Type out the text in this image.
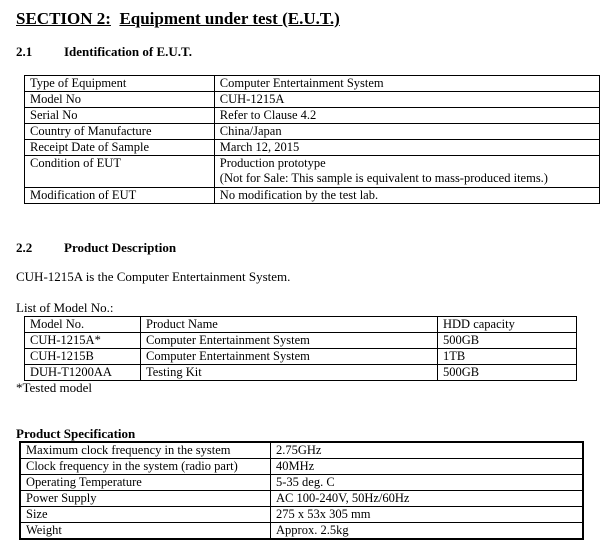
SECTION 2: Equipment under test (E.U.T.)
2.1 Identification of E.U.T.
Type of Equipment	Computer Entertainment System
Model No	CUH-1215A
Serial No	Refer to Clause 4.2
Country of Manufacture	China/Japan
Receipt Date of Sample	March 12, 2015
Condition of EUT	Production prototype
(Not for Sale: This sample is equivalent to mass-produced items.)

Modification of EUT	No modification by the test lab.
2.2 Product Description

CUH-1215A is the Computer Entertainment System.

List of Model No.:

Model No.	Product Name	HDD capacity
CUH-1215A*	Computer Entertainment System	500GB
CUH-1215B	Computer Entertainment System	1TB
DUH-T1200AA	Testing Kit	500GB

*Tested model

Product Specification
Maximum clock frequency in the system	2.75GHz
Clock frequency in the system (radio part)	40MHz
Operating Temperature	5-35 deg. C
Power Supply	AC 100-240V, 50Hz/60Hz
Size	275 x 53x 305 mm
Weight	Approx. 2.5kg
